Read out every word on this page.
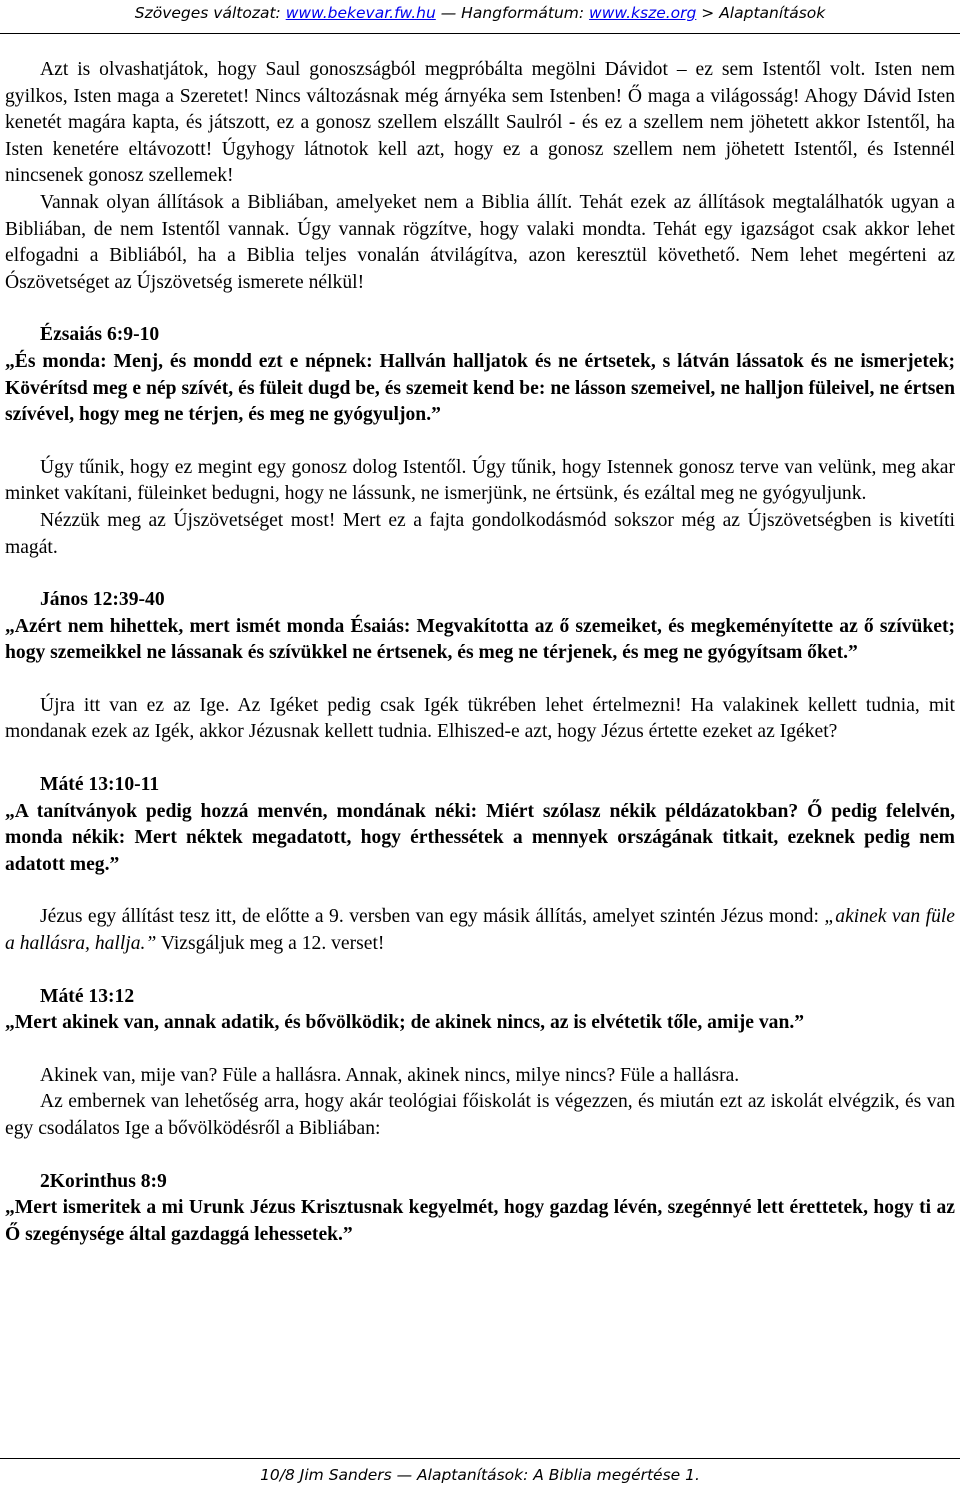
Szöveges változat: www.bekevar.fw.hu — Hangformátum: www.ksze.org > Alaptanítások

Azt is olvashatjátok, hogy Saul gonoszságból megpróbálta megölni Dávidot – ez sem Istentől volt. Isten nem gyilkos, Isten maga a Szeretet! Nincs változásnak még árnyéka sem Istenben! Ő maga a világosság! Ahogy Dávid Isten kenetét magára kapta, és játszott, ez a gonosz szellem elszállt Saulról - és ez a szellem nem jöhetett akkor Istentől, ha Isten kenetére eltávozott! Úgyhogy látnotok kell azt, hogy ez a gonosz szellem nem jöhetett Istentől, és Istennél nincsenek gonosz szellemek!

Vannak olyan állítások a Bibliában, amelyeket nem a Biblia állít. Tehát ezek az állítások megtalálhatók ugyan a Bibliában, de nem Istentől vannak. Úgy vannak rögzítve, hogy valaki mondta. Tehát egy igazságot csak akkor lehet elfogadni a Bibliából, ha a Biblia teljes vonalán átvilágítva, azon keresztül követhető. Nem lehet megérteni az Ószövetséget az Újszövetség ismerete nélkül!

Ézsaiás 6:9-10

„És monda: Menj, és mondd ezt e népnek: Hallván halljatok és ne értsetek, s látván lássatok és ne ismerjetek; Kövérítsd meg e nép szívét, és füleit dugd be, és szemeit kend be: ne lásson szemeivel, ne halljon füleivel, ne értsen szívével, hogy meg ne térjen, és meg ne gyógyuljon.”

Úgy tűnik, hogy ez megint egy gonosz dolog Istentől. Úgy tűnik, hogy Istennek gonosz terve van velünk, meg akar minket vakítani, füleinket bedugni, hogy ne lássunk, ne ismerjünk, ne értsünk, és ezáltal meg ne gyógyuljunk.

Nézzük meg az Újszövetséget most! Mert ez a fajta gondolkodásmód sokszor még az Újszövetségben is kivetíti magát.

János 12:39-40

„Azért nem hihettek, mert ismét monda Ésaiás: Megvakította az ő szemeiket, és megkeményítette az ő szívüket; hogy szemeikkel ne lássanak és szívükkel ne értsenek, és meg ne térjenek, és meg ne gyógyítsam őket.”

Újra itt van ez az Ige. Az Igéket pedig csak Igék tükrében lehet értelmezni! Ha valakinek kellett tudnia, mit mondanak ezek az Igék, akkor Jézusnak kellett tudnia. Elhiszed-e azt, hogy Jézus értette ezeket az Igéket?

Máté 13:10-11

„A tanítványok pedig hozzá menvén, mondának néki: Miért szólasz nékik példázatokban? Ő pedig felelvén, monda nékik: Mert néktek megadatott, hogy érthessétek a mennyek országának titkait, ezeknek pedig nem adatott meg.”

Jézus egy állítást tesz itt, de előtte a 9. versben van egy másik állítás, amelyet szintén Jézus mond: „akinek van füle a hallásra, hallja.” Vizsgáljuk meg a 12. verset!

Máté 13:12

„Mert akinek van, annak adatik, és bővölködik; de akinek nincs, az is elvétetik tőle, amije van.”

Akinek van, mije van? Füle a hallásra. Annak, akinek nincs, milye nincs? Füle a hallásra.

Az embernek van lehetőség arra, hogy akár teológiai főiskolát is végezzen, és miután ezt az iskolát elvégzik, és van egy csodálatos Ige a bővölködésről a Bibliában:

2Korinthus 8:9

„Mert ismeritek a mi Urunk Jézus Krisztusnak kegyelmét, hogy gazdag lévén, szegénnyé lett érettetek, hogy ti az Ő szegénysége által gazdaggá lehessetek.”

10/8 Jim Sanders — Alaptanítások: A Biblia megértése 1.
